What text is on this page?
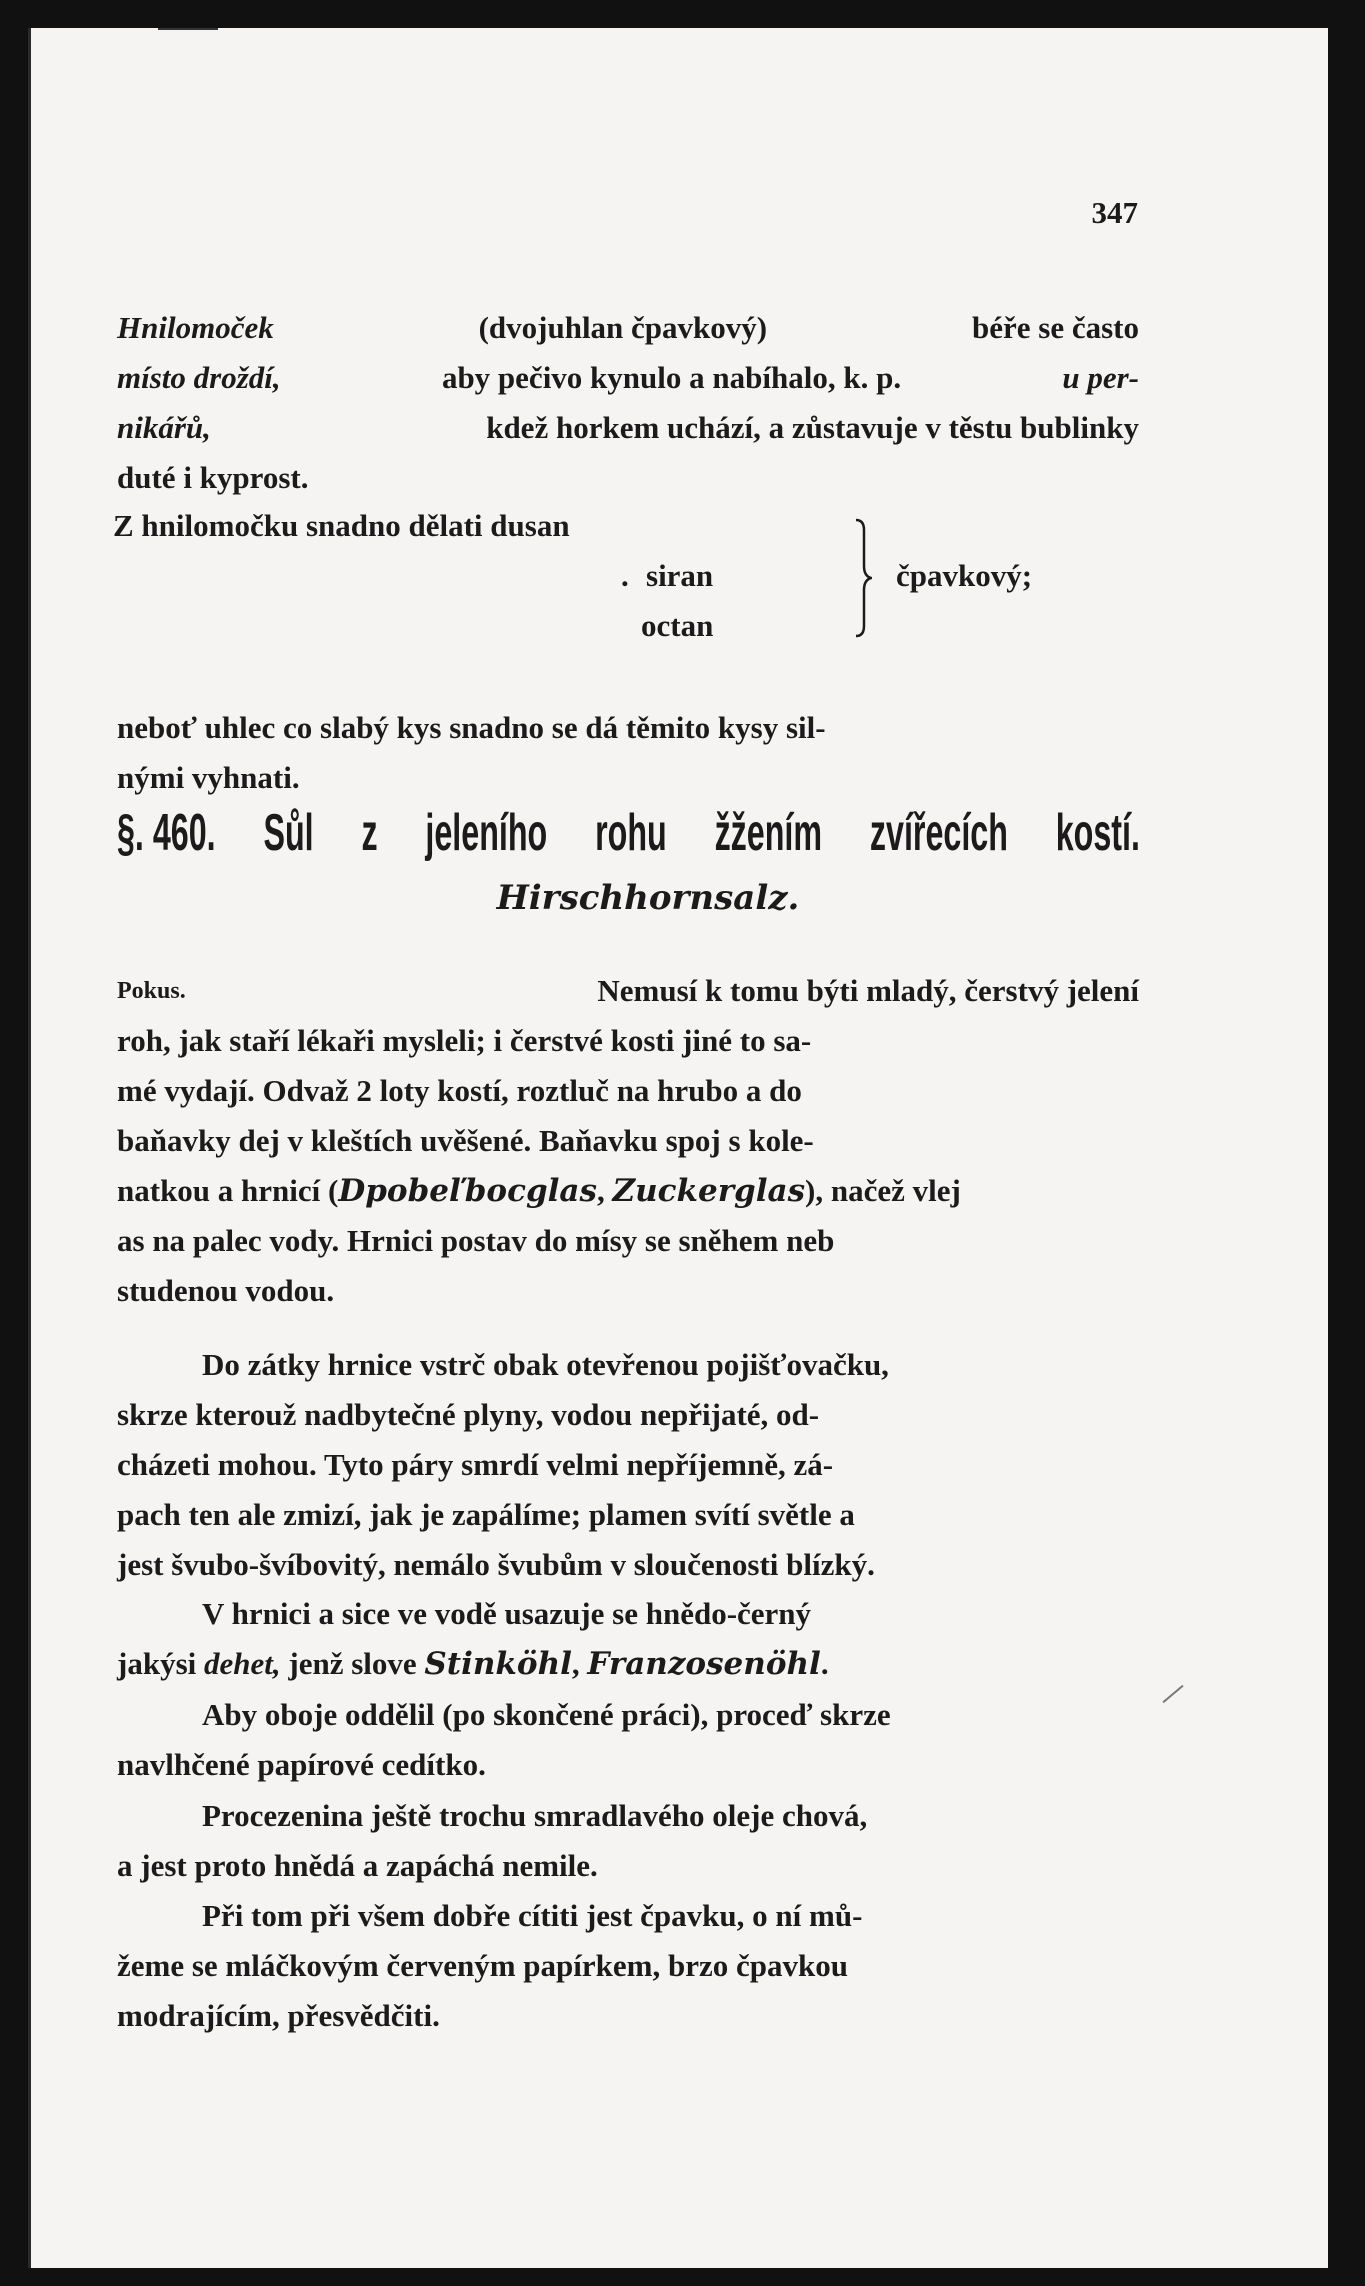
347
Hnilomoček	(dvojuhlan čpavkový)	béře se často
místo droždí,	aby pečivo kynulo a nabíhalo, k. p.	u per-
nikářů,	kdež horkem uchází, a zůstavuje v těstu bublinky
duté i kyprost.
Z hnilomočku snadno dělati dusan
. siran
octan
čpavkový;
neboť uhlec co slabý kys snadno se dá těmito kysy sil-
nými vyhnati.
§. 460. Sůl z jeleního rohu žžením zvířecích kostí.
Hirschhornsalz.
Pokus.	Nemusí k tomu býti mladý, čerstvý jelení
roh, jak staří lékaři mysleli; i čerstvé kosti jiné to sa-
mé vydají. Odvaž 2 loty kostí, roztluč na hrubo a do
baňavky dej v kleštích uvěšené. Baňavku spoj s kole-
natkou a hrnicí (Dpobeľbocglas, Zuckerglas), načež vlej
as na palec vody. Hrnici postav do mísy se sněhem neb
studenou vodou.
Do zátky hrnice vstrč obak otevřenou pojišťovačku,
skrze kterouž nadbytečné plyny, vodou nepřijaté, od-
cházeti mohou. Tyto páry smrdí velmi nepříjemně, zá-
pach ten ale zmizí, jak je zapálíme; plamen svítí světle a
jest švubo-švíbovitý, nemálo švubům v sloučenosti blízký.
V hrnici a sice ve vodě usazuje se hnědo-černý
jakýsi dehet, jenž slove Stinköhl, Franzosenöhl.
Aby oboje oddělil (po skončené práci), proceď skrze
navlhčené papírové cedítko.
Procezenina ještě trochu smradlavého oleje chová,
a jest proto hnědá a zapáchá nemile.
Při tom při všem dobře cítiti jest čpavku, o ní mů-
žeme se mláčkovým červeným papírkem, brzo čpavkou
modrajícím, přesvědčiti.
